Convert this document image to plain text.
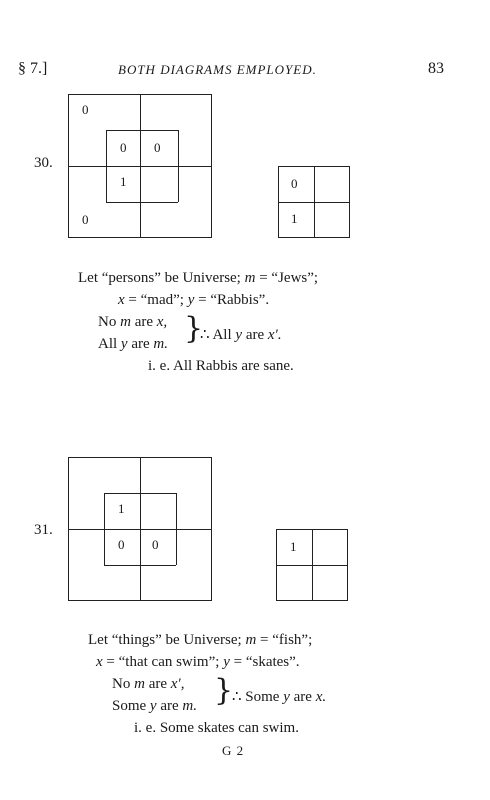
§ 7.]	BOTH DIAGRAMS EMPLOYED.	83
30.
0
0
0 0
1	0
1
Let “persons” be Universe; m = “Jews”;
x = “mad”; y = “Rabbis”.
No m are x,
All y are m. }
∴ All y are x′.
i. e. All Rabbis are sane.
31.
1
0 0	1
Let “things” be Universe; m = “fish”;
x = “that can swim”; y = “skates”.
No m are x′,
Some y are m. }
∴ Some y are x.
i. e. Some skates can swim.
G 2
